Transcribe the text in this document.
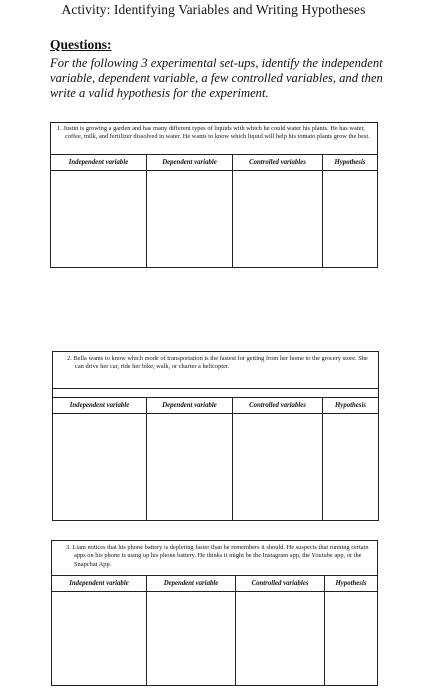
Activity: Identifying Variables and Writing Hypotheses
Questions:
For the following 3 experimental set-ups, identify the independent variable, dependent variable, a few controlled variables, and then write a valid hypothesis for the experiment.
1. Justin is growing a garden and has many different types of liquids with which he could water his plants. He has water, coffee, milk, and fertilizer dissolved in water. He wants to know which liquid will help his tomato plants grow the best.
Independent variable	Dependent variable	Controlled variables	Hypothesis
2. Bella wants to know which mode of transportation is the fastest for getting from her home to the grocery store. She can drive her car, ride her bike, walk, or charter a helicopter.
Independent variable	Dependent variable	Controlled variables	Hypothesis
3. Liam notices that his phone battery is depleting faster than he remembers it should. He suspects that running certain apps on his phone is using up his phone battery. He thinks it might be the Instagram app, the Youtube app, or the Snapchat App.
Independent variable	Dependent variable	Controlled variables	Hypothesis
